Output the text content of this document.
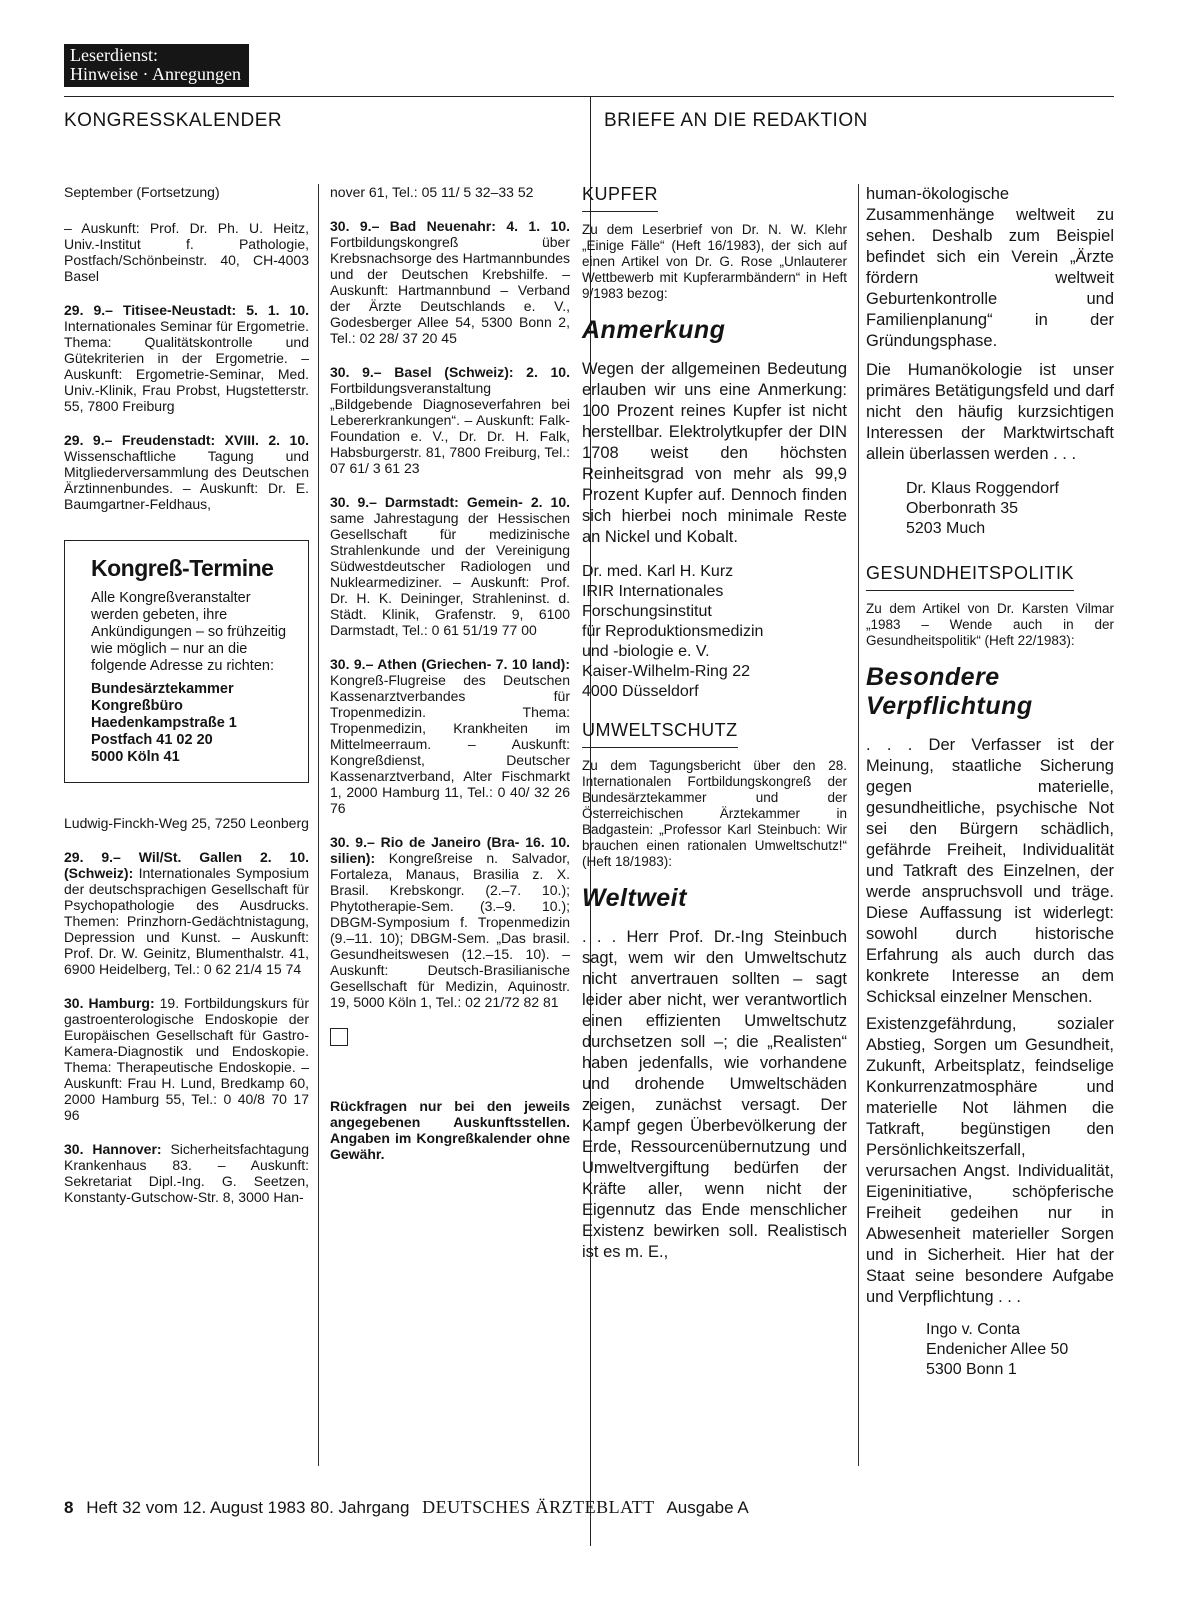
Leserdienst:
Hinweise · Anregungen
KONGRESSKALENDER	BRIEFE AN DIE REDAKTION
September (Fortsetzung)
– Auskunft: Prof. Dr. Ph. U. Heitz, Univ.-Institut f. Pathologie, Postfach/Schönbeinstr. 40, CH-4003 Basel
29. 9.– Titisee-Neustadt: 5. 1. 10. Internationales Seminar für Ergometrie. Thema: Qualitätskontrolle und Gütekriterien in der Ergometrie. – Auskunft: Ergometrie-Seminar, Med. Univ.-Klinik, Frau Probst, Hugstetterstr. 55, 7800 Freiburg
29. 9.– Freudenstadt: XVIII. 2. 10. Wissenschaftliche Tagung und Mitgliederversammlung des Deutschen Ärztinnenbundes. – Auskunft: Dr. E. Baumgartner-Feldhaus,
Kongreß-Termine
Alle Kongreßveranstalter werden gebeten, ihre Ankündigungen – so frühzeitig wie möglich – nur an die folgende Adresse zu richten:
Bundesärztekammer
Kongreßbüro
Haedenkampstraße 1
Postfach 41 02 20
5000 Köln 41
Ludwig-Finckh-Weg 25, 7250 Leonberg
29. 9.– Wil/St. Gallen 2. 10. (Schweiz): Internationales Symposium der deutschsprachigen Gesellschaft für Psychopathologie des Ausdrucks. Themen: Prinzhorn-Gedächtnistagung, Depression und Kunst. – Auskunft: Prof. Dr. W. Geinitz, Blumenthalstr. 41, 6900 Heidelberg, Tel.: 0 62 21/4 15 74
30. Hamburg: 19. Fortbildungskurs für gastroenterologische Endoskopie der Europäischen Gesellschaft für Gastro-Kamera-Diagnostik und Endoskopie. Thema: Therapeutische Endoskopie. – Auskunft: Frau H. Lund, Bredkamp 60, 2000 Hamburg 55, Tel.: 0 40/8 70 17 96
30. Hannover: Sicherheitsfachtagung Krankenhaus 83. – Auskunft: Sekretariat Dipl.-Ing. G. Seetzen, Konstanty-Gutschow-Str. 8, 3000 Han-
nover 61, Tel.: 05 11/ 5 32–33 52
30. 9.– Bad Neuenahr: 4. 1. 10. Fortbildungskongreß über Krebsnachsorge des Hartmannbundes und der Deutschen Krebshilfe. – Auskunft: Hartmannbund – Verband der Ärzte Deutschlands e. V., Godesberger Allee 54, 5300 Bonn 2, Tel.: 02 28/ 37 20 45
30. 9.– Basel (Schweiz): 2. 10. Fortbildungsveranstaltung „Bildgebende Diagnoseverfahren bei Lebererkrankungen“. – Auskunft: Falk-Foundation e. V., Dr. Dr. H. Falk, Habsburgerstr. 81, 7800 Freiburg, Tel.: 07 61/ 3 61 23
30. 9.– Darmstadt: Gemein- 2. 10. same Jahrestagung der Hessischen Gesellschaft für medizinische Strahlenkunde und der Vereinigung Südwestdeutscher Radiologen und Nuklearmediziner. – Auskunft: Prof. Dr. H. K. Deininger, Strahleninst. d. Städt. Klinik, Grafenstr. 9, 6100 Darmstadt, Tel.: 0 61 51/19 77 00
30. 9.– Athen (Griechen- 7. 10 land): Kongreß-Flugreise des Deutschen Kassenarztverbandes für Tropenmedizin. Thema: Tropenmedizin, Krankheiten im Mittelmeerraum. – Auskunft: Kongreßdienst, Deutscher Kassenarztverband, Alter Fischmarkt 1, 2000 Hamburg 11, Tel.: 0 40/ 32 26 76
30. 9.– Rio de Janeiro (Bra- 16. 10. silien): Kongreßreise n. Salvador, Fortaleza, Manaus, Brasilia z. X. Brasil. Krebskongr. (2.–7. 10.); Phytotherapie-Sem. (3.–9. 10.); DBGM-Symposium f. Tropenmedizin (9.–11. 10); DBGM-Sem. „Das brasil. Gesundheitswesen (12.–15. 10). – Auskunft: Deutsch-Brasilianische Gesellschaft für Medizin, Aquinostr. 19, 5000 Köln 1, Tel.: 02 21/72 82 81
Rückfragen nur bei den jeweils angegebenen Auskunftsstellen. Angaben im Kongreßkalender ohne Gewähr.
KUPFER
Zu dem Leserbrief von Dr. N. W. Klehr „Einige Fälle“ (Heft 16/1983), der sich auf einen Artikel von Dr. G. Rose „Unlauterer Wettbewerb mit Kupferarmbändern“ in Heft 9/1983 bezog:
Anmerkung
Wegen der allgemeinen Bedeutung erlauben wir uns eine Anmerkung: 100 Prozent reines Kupfer ist nicht herstellbar. Elektrolytkupfer der DIN 1708 weist den höchsten Reinheitsgrad von mehr als 99,9 Prozent Kupfer auf. Dennoch finden sich hierbei noch minimale Reste an Nickel und Kobalt.
Dr. med. Karl H. Kurz
IRIR Internationales
Forschungsinstitut
für Reproduktionsmedizin
und -biologie e. V.
Kaiser-Wilhelm-Ring 22
4000 Düsseldorf
UMWELTSCHUTZ
Zu dem Tagungsbericht über den 28. Internationalen Fortbildungskongreß der Bundesärztekammer und der Österreichischen Ärztekammer in Badgastein: „Professor Karl Steinbuch: Wir brauchen einen rationalen Umweltschutz!“ (Heft 18/1983):
Weltweit
. . . Herr Prof. Dr.-Ing Steinbuch sagt, wem wir den Umweltschutz nicht anvertrauen sollten – sagt leider aber nicht, wer verantwortlich einen effizienten Umweltschutz durchsetzen soll –; die „Realisten“ haben jedenfalls, wie vorhandene und drohende Umweltschäden zeigen, zunächst versagt. Der Kampf gegen Überbevölkerung der Erde, Ressourcenübernutzung und Umweltvergiftung bedürfen der Kräfte aller, wenn nicht der Eigennutz das Ende menschlicher Existenz bewirken soll. Realistisch ist es m. E.,
human-ökologische Zusammenhänge weltweit zu sehen. Deshalb zum Beispiel befindet sich ein Verein „Ärzte fördern weltweit Geburtenkontrolle und Familienplanung“ in der Gründungsphase.
Die Humanökologie ist unser primäres Betätigungsfeld und darf nicht den häufig kurzsichtigen Interessen der Marktwirtschaft allein überlassen werden . . .
Dr. Klaus Roggendorf
Oberbonrath 35
5203 Much
GESUNDHEITSPOLITIK
Zu dem Artikel von Dr. Karsten Vilmar „1983 – Wende auch in der Gesundheitspolitik“ (Heft 22/1983):
Besondere Verpflichtung
. . . Der Verfasser ist der Meinung, staatliche Sicherung gegen materielle, gesundheitliche, psychische Not sei den Bürgern schädlich, gefährde Freiheit, Individualität und Tatkraft des Einzelnen, der werde anspruchsvoll und träge. Diese Auffassung ist widerlegt: sowohl durch historische Erfahrung als auch durch das konkrete Interesse an dem Schicksal einzelner Menschen.
Existenzgefährdung, sozialer Abstieg, Sorgen um Gesundheit, Zukunft, Arbeitsplatz, feindselige Konkurrenzatmosphäre und materielle Not lähmen die Tatkraft, begünstigen den Persönlichkeitszerfall, verursachen Angst. Individualität, Eigeninitiative, schöpferische Freiheit gedeihen nur in Abwesenheit materieller Sorgen und in Sicherheit. Hier hat der Staat seine besondere Aufgabe und Verpflichtung . . .
Ingo v. Conta
Endenicher Allee 50
5300 Bonn 1
8 Heft 32 vom 12. August 1983 80. Jahrgang DEUTSCHES ÄRZTEBLATT Ausgabe A
